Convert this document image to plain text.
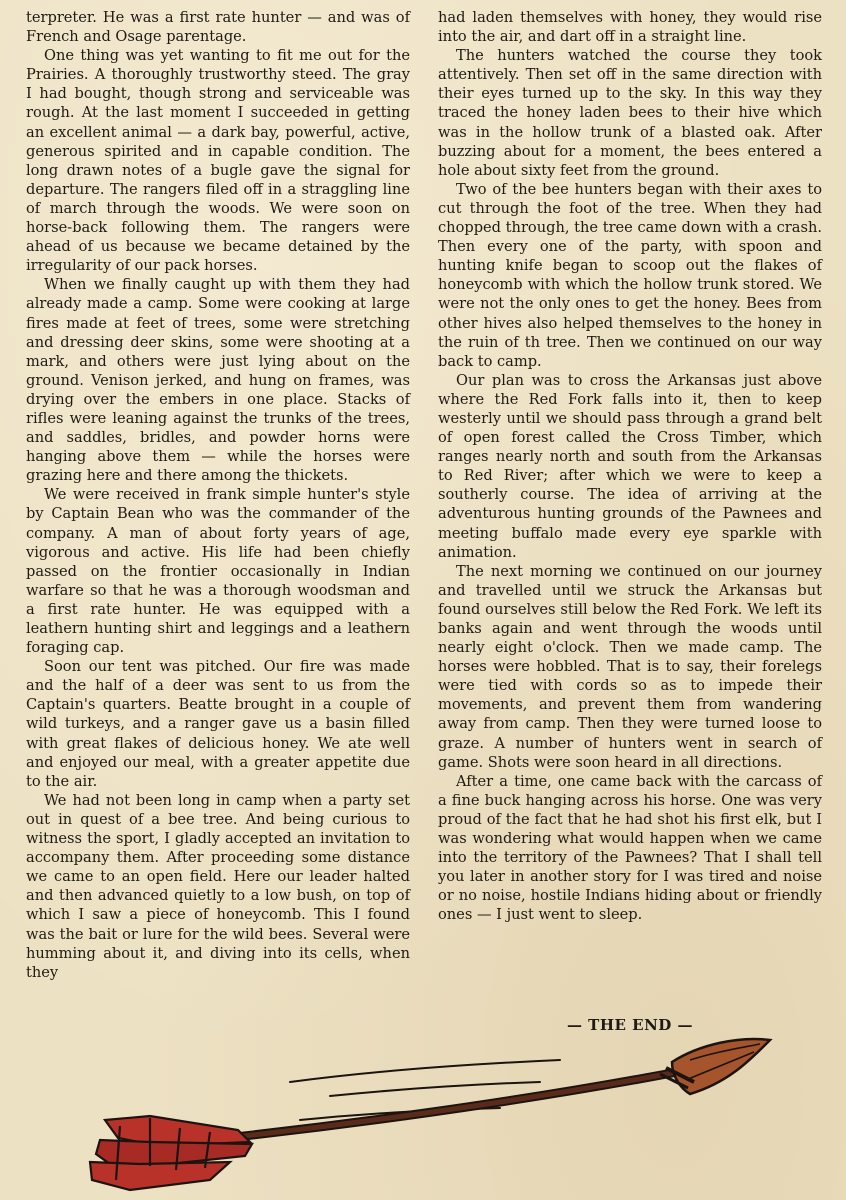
terpreter. He was a first rate hunter — and was of French and Osage parentage.

One thing was yet wanting to fit me out for the Prairies. A thoroughly trustworthy steed. The gray I had bought, though strong and serviceable was rough. At the last moment I succeeded in getting an excellent animal — a dark bay, powerful, active, generous spirited and in capable condition. The long drawn notes of a bugle gave the signal for departure. The rangers filed off in a straggling line of march through the woods. We were soon on horse-back following them. The rangers were ahead of us because we became detained by the irregularity of our pack horses.

When we finally caught up with them they had already made a camp. Some were cooking at large fires made at feet of trees, some were stretching and dressing deer skins, some were shooting at a mark, and others were just lying about on the ground. Venison jerked, and hung on frames, was drying over the embers in one place. Stacks of rifles were leaning against the trunks of the trees, and saddles, bridles, and powder horns were hanging above them — while the horses were grazing here and there among the thickets.

We were received in frank simple hunter's style by Captain Bean who was the commander of the company. A man of about forty years of age, vigorous and active. His life had been chiefly passed on the frontier occasionally in Indian warfare so that he was a thorough woodsman and a first rate hunter. He was equipped with a leathern hunting shirt and leggings and a leathern foraging cap.

Soon our tent was pitched. Our fire was made and the half of a deer was sent to us from the Captain's quarters. Beatte brought in a couple of wild turkeys, and a ranger gave us a basin filled with great flakes of delicious honey. We ate well and enjoyed our meal, with a greater appetite due to the air.

We had not been long in camp when a party set out in quest of a bee tree. And being curious to witness the sport, I gladly accepted an invitation to accompany them. After proceeding some distance we came to an open field. Here our leader halted and then advanced quietly to a low bush, on top of which I saw a piece of honeycomb. This I found was the bait or lure for the wild bees. Several were humming about it, and diving into its cells, when they

had laden themselves with honey, they would rise into the air, and dart off in a straight line.

The hunters watched the course they took attentively. Then set off in the same direction with their eyes turned up to the sky. In this way they traced the honey laden bees to their hive which was in the hollow trunk of a blasted oak. After buzzing about for a moment, the bees entered a hole about sixty feet from the ground.

Two of the bee hunters began with their axes to cut through the foot of the tree. When they had chopped through, the tree came down with a crash. Then every one of the party, with spoon and hunting knife began to scoop out the flakes of honeycomb with which the hollow trunk stored. We were not the only ones to get the honey. Bees from other hives also helped themselves to the honey in the ruin of th tree. Then we continued on our way back to camp.

Our plan was to cross the Arkansas just above where the Red Fork falls into it, then to keep westerly until we should pass through a grand belt of open forest called the Cross Timber, which ranges nearly north and south from the Arkansas to Red River; after which we were to keep a southerly course. The idea of arriving at the adventurous hunting grounds of the Pawnees and meeting buffalo made every eye sparkle with animation.

The next morning we continued on our journey and travelled until we struck the Arkansas but found ourselves still below the Red Fork. We left its banks again and went through the woods until nearly eight o'clock. Then we made camp. The horses were hobbled. That is to say, their forelegs were tied with cords so as to impede their movements, and prevent them from wandering away from camp. Then they were turned loose to graze. A number of hunters went in search of game. Shots were soon heard in all directions.

After a time, one came back with the carcass of a fine buck hanging across his horse. One was very proud of the fact that he had shot his first elk, but I was wondering what would happen when we came into the territory of the Pawnees? That I shall tell you later in another story for I was tired and noise or no noise, hostile Indians hiding about or friendly ones — I just went to sleep.

— THE END —
